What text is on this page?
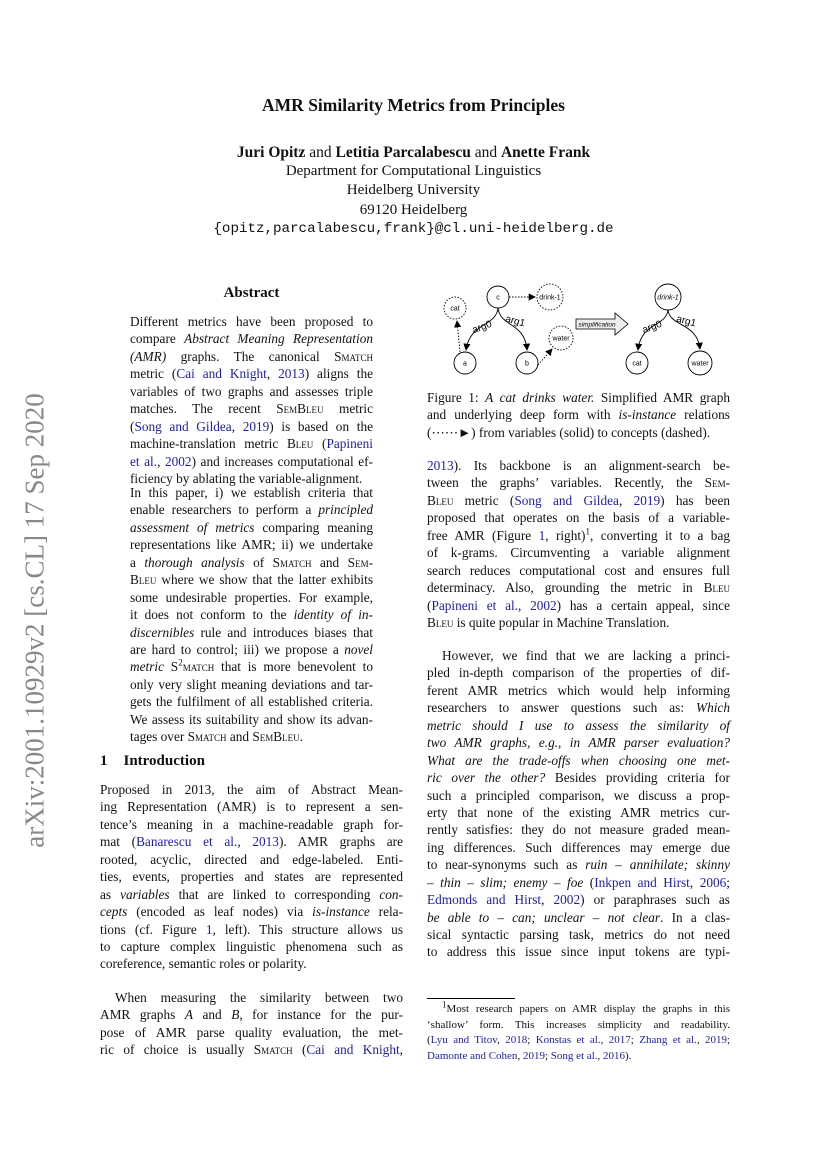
AMR Similarity Metrics from Principles
Juri Opitz and Letitia Parcalabescu and Anette Frank
Department for Computational Linguistics
Heidelberg University
69120 Heidelberg
{opitz,parcalabescu,frank}@cl.uni-heidelberg.de
arXiv:2001.10929v2 [cs.CL] 17 Sep 2020
Abstract
Different metrics have been proposed to
compare Abstract Meaning Representation
(AMR) graphs. The canonical Smatch
metric (Cai and Knight, 2013) aligns the
variables of two graphs and assesses triple
matches. The recent SemBleu metric
(Song and Gildea, 2019) is based on the
machine-translation metric Bleu (Papineni
et al., 2002) and increases computational ef-
ficiency by ablating the variable-alignment.
In this paper, i) we establish criteria that
enable researchers to perform a principled
assessment of metrics comparing meaning
representations like AMR; ii) we undertake
a thorough analysis of Smatch and Sem-
Bleu where we show that the latter exhibits
some undesirable properties. For example,
it does not conform to the identity of in-
discernibles rule and introduces biases that
are hard to control; iii) we propose a novel
metric $S^2match$ that is more benevolent to
only very slight meaning deviations and tar-
gets the fulfilment of all established criteria.
We assess its suitability and show its advan-
tages over Smatch and SemBleu.
1 Introduction
Proposed in 2013, the aim of Abstract Mean-
ing Representation (AMR) is to represent a sen-
tence’s meaning in a machine-readable graph for-
mat (Banarescu et al., 2013). AMR graphs are
rooted, acyclic, directed and edge-labeled. Enti-
ties, events, properties and states are represented
as variables that are linked to corresponding con-
cepts (encoded as leaf nodes) via is-instance rela-
tions (cf. Figure 1, left). This structure allows us
to capture complex linguistic phenomena such as
coreference, semantic roles or polarity.
When measuring the similarity between two
AMR graphs A and B, for instance for the pur-
pose of AMR parse quality evaluation, the met-
ric of choice is usually Smatch (Cai and Knight,
cat
c	drink-1
a	b
water
drink-1
cat	water
simplification
arg0 arg1	arg0 arg1
Figure 1: A cat drinks water. Simplified AMR graph
and underlying deep form with is-instance relations
(⋯⋯►) from variables (solid) to concepts (dashed).
2013). Its backbone is an alignment-search be-
tween the graphs’ variables. Recently, the Sem-
Bleu metric (Song and Gildea, 2019) has been
proposed that operates on the basis of a variable-
free AMR (Figure 1, right)$^1$, converting it to a bag
of k-grams. Circumventing a variable alignment
search reduces computational cost and ensures full
determinacy. Also, grounding the metric in Bleu
(Papineni et al., 2002) has a certain appeal, since
Bleu is quite popular in Machine Translation.
However, we find that we are lacking a princi-
pled in-depth comparison of the properties of dif-
ferent AMR metrics which would help informing
researchers to answer questions such as: Which
metric should I use to assess the similarity of
two AMR graphs, e.g., in AMR parser evaluation?
What are the trade-offs when choosing one met-
ric over the other? Besides providing criteria for
such a principled comparison, we discuss a prop-
erty that none of the existing AMR metrics cur-
rently satisfies: they do not measure graded mean-
ing differences. Such differences may emerge due
to near-synonyms such as ruin – annihilate; skinny
– thin – slim; enemy – foe (Inkpen and Hirst, 2006;
Edmonds and Hirst, 2002) or paraphrases such as
be able to – can; unclear – not clear. In a clas-
sical syntactic parsing task, metrics do not need
to address this issue since input tokens are typi-
$^1$Most research papers on AMR display the graphs in this
‘shallow’ form. This increases simplicity and readability.
(Lyu and Titov, 2018; Konstas et al., 2017; Zhang et al., 2019;
Damonte and Cohen, 2019; Song et al., 2016).
